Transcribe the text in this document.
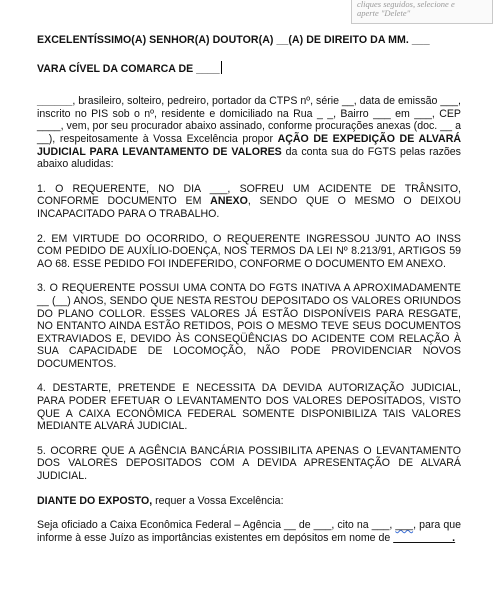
cliques seguidos, selecione e
aperte "Delete"

EXCELENTÍSSIMO(A) SENHOR(A) DOUTOR(A) __(A) DE DIREITO DA MM. ___

VARA CÍVEL DA COMARCA DE ____

______, brasileiro, solteiro, pedreiro, portador da CTPS nº, série __, data de emissão ___, inscrito no PIS sob o nº, residente e domiciliado na Rua _ _, Bairro ___ em ___, CEP ____, vem, por seu procurador abaixo assinado, conforme procurações anexas (doc. __ a __), respeitosamente à Vossa Excelência propor AÇÃO DE EXPEDIÇÃO DE ALVARÁ JUDICIAL PARA LEVANTAMENTO DE VALORES da conta sua do FGTS pelas razões abaixo aludidas:

1. O REQUERENTE, NO DIA ___, SOFREU UM ACIDENTE DE TRÂNSITO, CONFORME DOCUMENTO EM ANEXO, SENDO QUE O MESMO O DEIXOU INCAPACITADO PARA O TRABALHO.

2. EM VIRTUDE DO OCORRIDO, O REQUERENTE INGRESSOU JUNTO AO INSS COM PEDIDO DE AUXÍLIO-DOENÇA, NOS TERMOS DA LEI Nº 8.213/91, ARTIGOS 59 AO 68. ESSE PEDIDO FOI INDEFERIDO, CONFORME O DOCUMENTO EM ANEXO.

3. O REQUERENTE POSSUI UMA CONTA DO FGTS INATIVA A APROXIMADAMENTE __ (__) ANOS, SENDO QUE NESTA RESTOU DEPOSITADO OS VALORES ORIUNDOS DO PLANO COLLOR. ESSES VALORES JÁ ESTÃO DISPONÍVEIS PARA RESGATE, NO ENTANTO AINDA ESTÃO RETIDOS, POIS O MESMO TEVE SEUS DOCUMENTOS EXTRAVIADOS E, DEVIDO ÀS CONSEQÜÊNCIAS DO ACIDENTE COM RELAÇÃO À SUA CAPACIDADE DE LOCOMOÇÃO, NÃO PODE PROVIDENCIAR NOVOS DOCUMENTOS.

4. DESTARTE, PRETENDE E NECESSITA DA DEVIDA AUTORIZAÇÃO JUDICIAL, PARA PODER EFETUAR O LEVANTAMENTO DOS VALORES DEPOSITADOS, VISTO QUE A CAIXA ECONÔMICA FEDERAL SOMENTE DISPONIBILIZA TAIS VALORES MEDIANTE ALVARÁ JUDICIAL.

5. OCORRE QUE A AGÊNCIA BANCÁRIA POSSIBILITA APENAS O LEVANTAMENTO DOS VALORES DEPOSITADOS COM A DEVIDA APRESENTAÇÃO DE ALVARÁ JUDICIAL.

DIANTE DO EXPOSTO, requer a Vossa Excelência:

Seja oficiado a Caixa Econômica Federal – Agência __ de ___, cito na ___, ___, para que informe à esse Juízo as importâncias existentes em depósitos em nome de __________.
